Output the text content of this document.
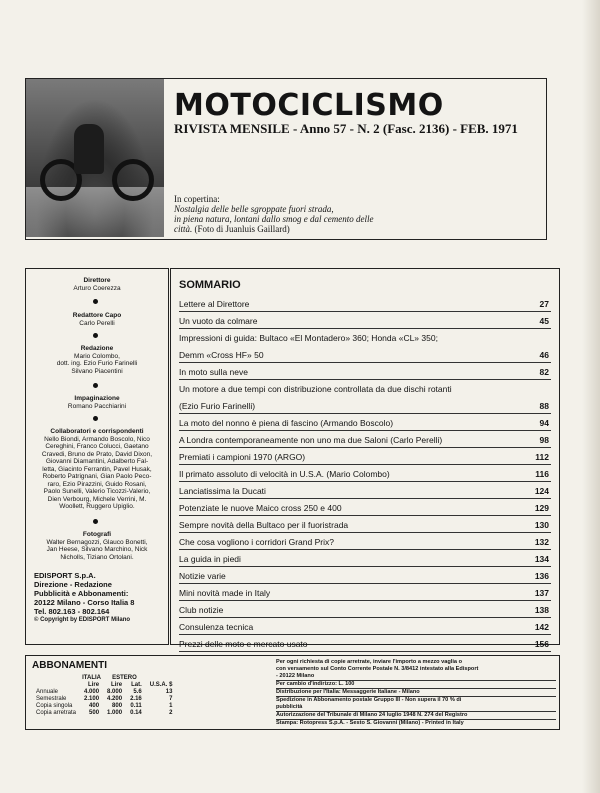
MOTOCICLISMO
RIVISTA MENSILE - Anno 57 - N. 2 (Fasc. 2136) - FEB. 1971
In copertina:
Nostalgia delle belle sgroppate fuori strada,
in piena natura, lontani dallo smog e dal cemento delle
città. (Foto di Juanluis Gaillard)
Direttore
Arturo Coerezza
Redattore Capo
Carlo Perelli
Redazione
Mario Colombo,
dott. ing. Ezio Furio Farinelli
Silvano Piacentini
Impaginazione
Romano Pacchiarini
Collaboratori e corrispondenti
Nello Biondi, Armando Boscolo, Nico
Cereghini, Franco Colucci, Gaetano
Cravedi, Bruno de Prato, David Dixon,
Giovanni Diamantini, Adalberto Fal-
letta, Giacinto Ferrantin, Pavel Husak,
Roberto Patrignani, Gian Paolo Peco-
raro, Ezio Pirazzini, Guido Rosani,
Paolo Sunelli, Valerio Ticozzi-Valerio,
Dien Verbourg, Michele Verrini, M.
Woollett, Ruggero Upiglio.
Fotografi
Walter Bernagozzi, Glauco Bonetti,
Jan Heese, Silvano Marchino, Nick
Nicholls, Tiziano Ortolani.
EDISPORT S.p.A.
Direzione - Redazione
Pubblicità e Abbonamenti:
20122 Milano - Corso Italia 8
Tel. 802.163 - 802.164
© Copyright by EDISPORT Milano
SOMMARIO
Lettere al Direttore	27
Un vuoto da colmare	45
Impressioni di guida: Bultaco «El Montadero» 360; Honda «CL» 350;
Demm «Cross HF» 50	46
In moto sulla neve	82
Un motore a due tempi con distribuzione controllata da due dischi rotanti
(Ezio Furio Farinelli)	88
La moto del nonno è piena di fascino (Armando Boscolo)	94
A Londra contemporaneamente non uno ma due Saloni (Carlo Perelli)	98
Premiati i campioni 1970 (ARGO)	112
Il primato assoluto di velocità in U.S.A. (Mario Colombo)	116
Lanciatissima la Ducati	124
Potenziate le nuove Maico cross 250 e 400	129
Sempre novità della Bultaco per il fuoristrada	130
Che cosa vogliono i corridori Grand Prix?	132
La guida in piedi	134
Notizie varie	136
Mini novità made in Italy	137
Club notizie	138
Consulenza tecnica	142
Prezzi delle moto e mercato usato	156
ABBONAMENTI
	ITALIA	ESTERO		
	Lire	Lire	Lat.	U.S.A. $
Annuale	4.000	8.000	5.6	13
Semestrale	2.100	4.200	2.16	7
Copia singola	400	800	0.11	1
Copia arretrata	500	1.000	0.14	2
Per ogni richiesta di copie arretrate, inviare l'importo a mezzo vaglia o
con versamento sul Conto Corrente Postale N. 3/8412 intestato alla Edisport
- 20122 Milano
Per cambio d'indirizzo: L. 100
Distribuzione per l'Italia: Messaggerie Italiane - Milano
Spedizione in Abbonamento postale Gruppo III - Non supera il 70 % di
pubblicità
Autorizzazione del Tribunale di Milano 24 luglio 1948 N. 274 del Registro
Stampa: Rotopress S.p.A. - Sesto S. Giovanni (Milano) - Printed in Italy
